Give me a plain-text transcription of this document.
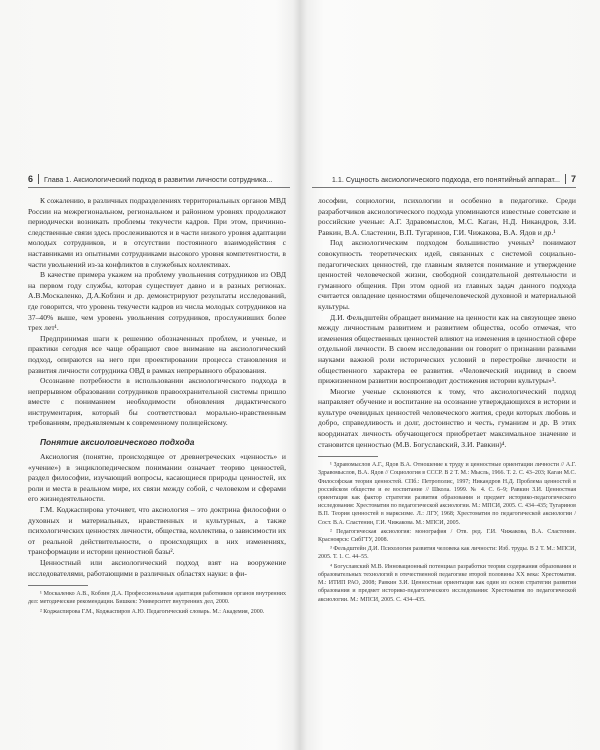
6 Глава 1. Аксиологический подход в развитии личности сотрудника...	1.1. Сущность аксиологического подхода, его понятийный аппарат... 7

К сожалению, в различных подразделениях территориальных органов МВД России на межрегиональном, региональном и районном уровнях продолжают периодически возникать проблемы текучести кадров. При этом, причинно-следственные связи здесь прослеживаются и в части низкого уровня адаптации молодых сотрудников, и в отсутствии постоянного взаимодействия с наставниками из опытными сотрудниками высокого уровня компетентности, в части увольнений из-за конфликтов в служебных коллективах.

В качестве примера укажем на проблему увольнения сотрудников из ОВД на первом году службы, которая существует давно и в разных регионах. А.В.Москаленко, Д.А.Кобзин и др. демонстрируют результаты исследований, где говорится, что уровень текучести кадров из числа молодых сотрудников на 37–40% выше, чем уровень увольнения сотрудников, прослуживших более трех лет¹.

Предпринимая шаги к решению обозначенных проблем, и ученые, и практики сегодня все чаще обращают свое внимание на аксиологический подход, опираются на него при проектировании процесса становления и развития личности сотрудника ОВД в рамках непрерывного образования.

Осознание потребности в использовании аксиологического подхода в непрерывном образовании сотрудников правоохранительной системы пришло вместе с пониманием необходимости обновления дидактического инструментария, который бы соответствовал морально-нравственным требованиям, предъявляемым к современному полицейскому.

Понятие аксиологического подхода

Аксиология (понятие, происходящее от древнегреческих «ценность» и «учение») в энциклопедическом понимании означает теорию ценностей, раздел философии, изучающий вопросы, касающиеся природы ценностей, их роли и места в реальном мире, их связи между собой, с человеком и сферами его жизнедеятельности.

Г.М. Коджаспирова уточняет, что аксиология – это доктрина философии о духовных и материальных, нравственных и культурных, а также психологических ценностях личности, общества, коллектива, о зависимости их от реальной действительности, о происходящих в них изменениях, трансформации и истории ценностной базы².

Ценностный или аксиологический подход взят на вооружение исследователями, работающими в различных областях науки: в фи-

¹ Москаленко А.В., Кобзин Д.А. Профессиональная адаптация работников органов внутренних дел: методические рекомендации. Бишкек: Университет внутренних дел, 2000.

² Коджаспирова Г.М., Коджаспиров А.Ю. Педагогический словарь. М.: Академия, 2000.

лософии, социологии, психологии и особенно в педагогике. Среди разработчиков аксиологического подхода упоминаются известные советские и российские ученые: А.Г. Здравомыслов, М.С. Каган, Н.Д. Никандров, З.И. Равкин, В.А. Сластенин, В.П. Тугаринов, Г.И. Чижакова, В.А. Ядов и др.¹

Под аксиологическим подходом большинство ученых² понимают совокупность теоретических идей, связанных с системой социально-педагогических ценностей, где главным является понимание и утверждение ценностей человеческой жизни, свободной созидательной деятельности и гуманного общения. При этом одной из главных задач данного подхода считается овладение ценностями общечеловеческой духовной и материальной культуры.

Д.И. Фельдштейн обращает внимание на ценности как на связующее звено между личностным развитием и развитием общества, особо отмечая, что изменения общественных ценностей влияют на изменения в ценностной сфере отдельной личности. В своем исследовании он говорит о признании разными науками важной роли исторических условий в перестройке личности и общественного характера ее развития. «Человеческий индивид в своем прижизненном развитии воспроизводит достижения истории культуры»³.

Многие ученые склоняются к тому, что аксиологический подход направляет обучение и воспитание на осознание утверждающихся в истории и культуре очевидных ценностей человеческого жития, среди которых любовь и добро, справедливость и долг, достоинство и честь, гуманизм и др. В этих координатах личность обучающегося приобретает максимальное значение и становится ценностью (М.В. Богуславский, З.И. Равкин)⁴.

¹ Здравомыслов А.Г., Ядов В.А. Отношение к труду и ценностные ориентации личности // А.Г. Здравомыслов, В.А. Ядов // Социология в СССР. В 2 Т. М.: Мысль, 1966. Т. 2. С. 43–203; Каган М.С. Философская теория ценностей. СПб.: Петрополис, 1997; Никандров Н.Д. Проблема ценностей в российском обществе и ее воспитание // Школа. 1999. № 4. С. 6–9; Равкин З.И. Ценностная ориентация как фактор стратегии развития образования и предмет историко-педагогического исследования: Хрестоматия по педагогической аксиологии. М.: МПСИ, 2005. С. 434–435; Тугаринов В.П. Теория ценностей в марксизме. Л.: ЛГУ, 1968; Хрестоматия по педагогической аксиологии / Сост. В.А. Сластенин, Г.И. Чижакова. М.: МПСИ, 2005.

² Педагогическая аксиология: монография / Отв. ред. Г.И. Чижакова, В.А. Сластенин. Красноярск: СибГТУ, 2008.

³ Фельдштейн Д.И. Психология развития человека как личности: Изб. труды. В 2 Т. М.: МПСИ, 2005. Т. 1. С. 44–55.

⁴ Богуславский М.В. Инновационный потенциал разработки теории содержания образования и образовательных технологий в отечественной педагогике второй половины XX века: Хрестоматия. М.: ИТИП РАО, 2008; Равкин З.И. Ценностная ориентация как один из основ стратегии развития образования и предмет историко-педагогического исследования: Хрестоматия по педагогической аксиологии. М.: МПСИ, 2005. С. 434–435.
